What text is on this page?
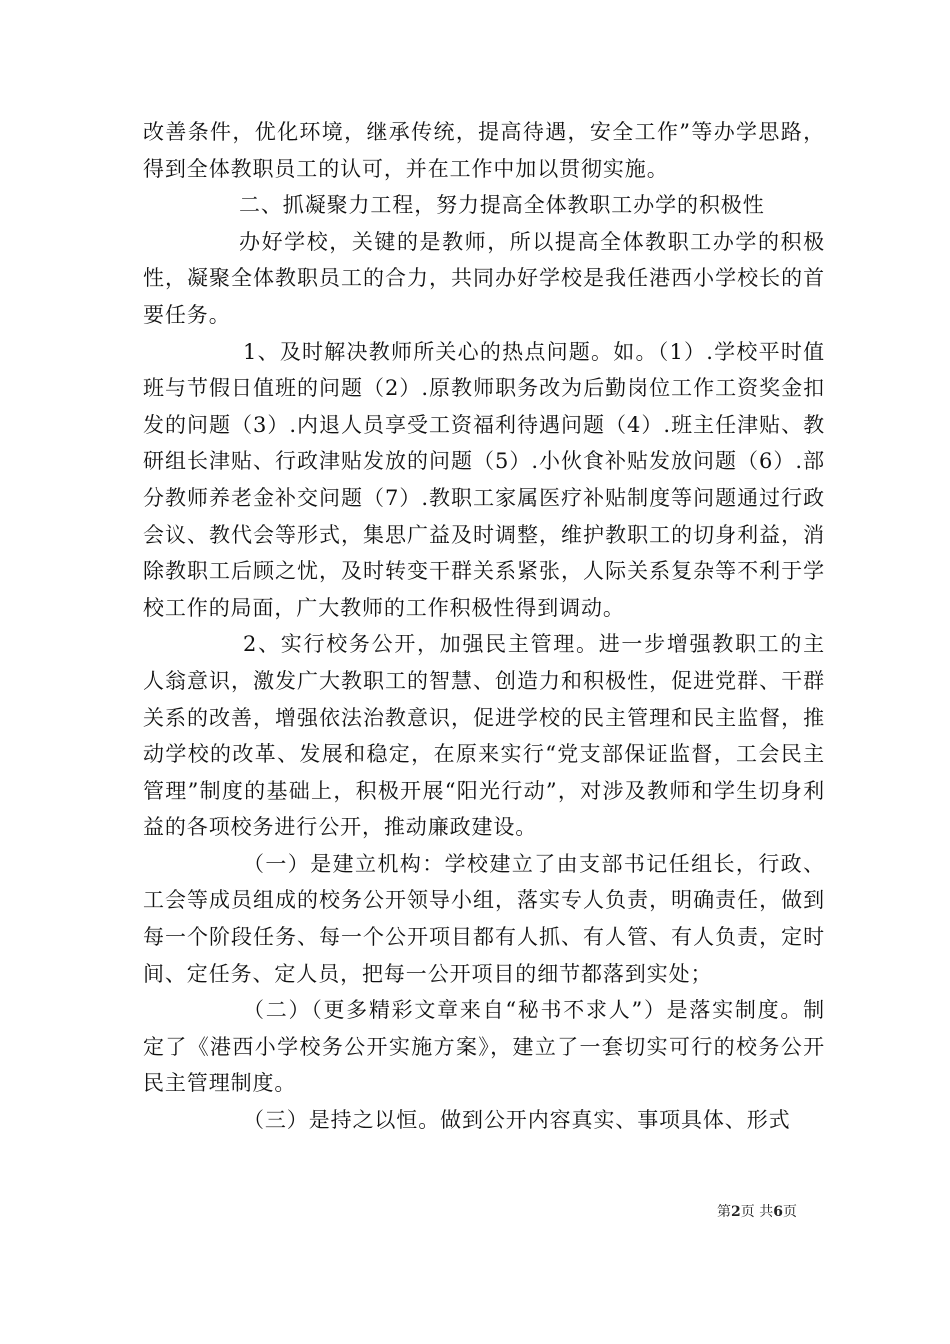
改善条件，优化环境，继承传统，提高待遇，安全工作”等办学思路，得到全体教职员工的认可，并在工作中加以贯彻实施。

二、抓凝聚力工程，努力提高全体教职工办学的积极性

办好学校，关键的是教师，所以提高全体教职工办学的积极性，凝聚全体教职员工的合力，共同办好学校是我任港西小学校长的首要任务。

1、及时解决教师所关心的热点问题。如。（1）.学校平时值班与节假日值班的问题（2）.原教师职务改为后勤岗位工作工资奖金扣发的问题（3）.内退人员享受工资福利待遇问题（4）.班主任津贴、教研组长津贴、行政津贴发放的问题（5）.小伙食补贴发放问题（6）.部分教师养老金补交问题（7）.教职工家属医疗补贴制度等问题通过行政会议、教代会等形式，集思广益及时调整，维护教职工的切身利益，消除教职工后顾之忧，及时转变干群关系紧张，人际关系复杂等不利于学校工作的局面，广大教师的工作积极性得到调动。

2、实行校务公开，加强民主管理。进一步增强教职工的主人翁意识，激发广大教职工的智慧、创造力和积极性，促进党群、干群关系的改善，增强依法治教意识，促进学校的民主管理和民主监督，推动学校的改革、发展和稳定，在原来实行“党支部保证监督，工会民主管理”制度的基础上，积极开展“阳光行动”，对涉及教师和学生切身利益的各项校务进行公开，推动廉政建设。

（一）是建立机构：学校建立了由支部书记任组长，行政、工会等成员组成的校务公开领导小组，落实专人负责，明确责任，做到每一个阶段任务、每一个公开项目都有人抓、有人管、有人负责，定时间、定任务、定人员，把每一公开项目的细节都落到实处；

（二）（更多精彩文章来自“秘书不求人”）是落实制度。制定了《港西小学校务公开实施方案》，建立了一套切实可行的校务公开民主管理制度。

（三）是持之以恒。做到公开内容真实、事项具体、形式

第2页 共6页
